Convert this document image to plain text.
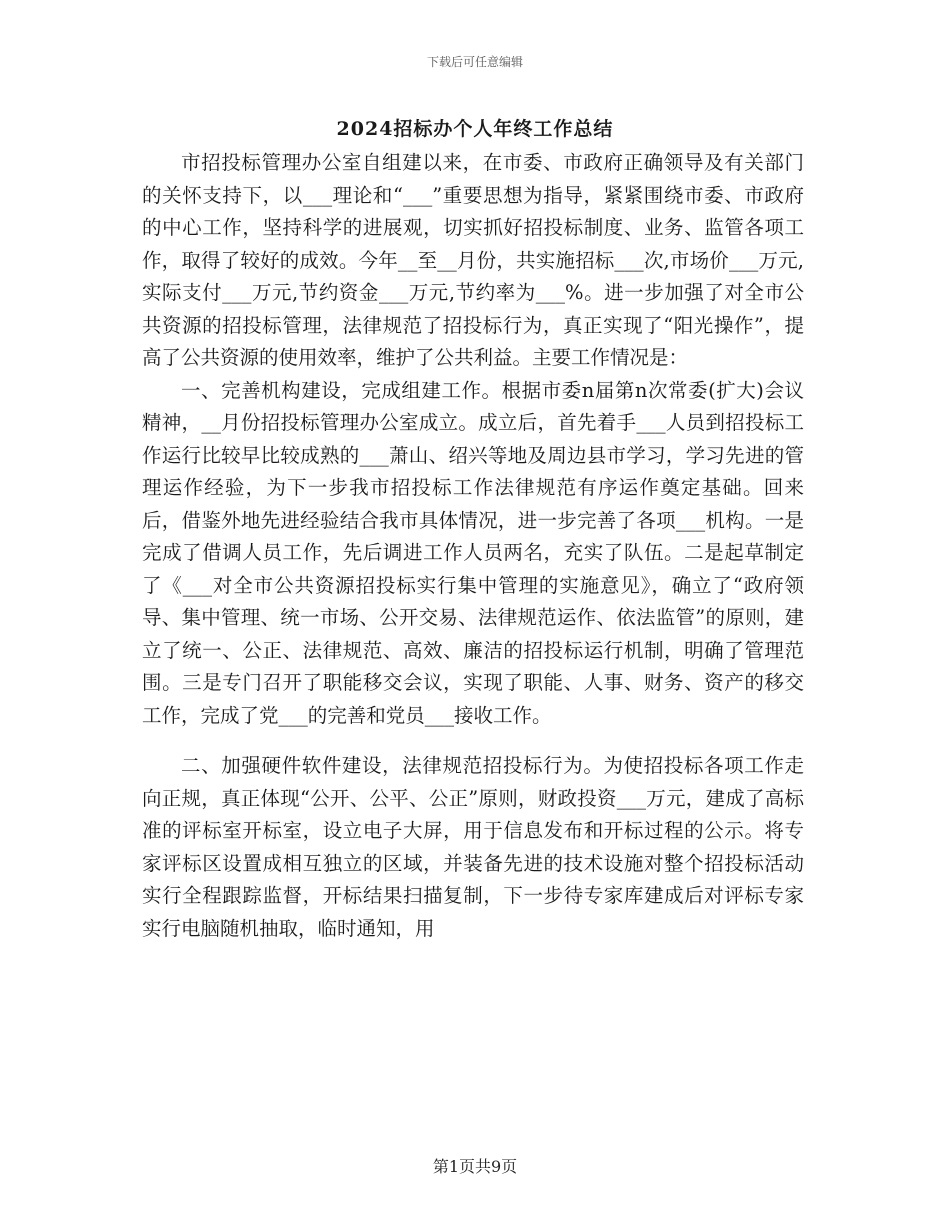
下载后可任意编辑
2024招标办个人年终工作总结

市招投标管理办公室自组建以来，在市委、市政府正确领导及有关部门的关怀支持下，以___理论和“___”重要思想为指导，紧紧围绕市委、市政府的中心工作，坚持科学的进展观，切实抓好招投标制度、业务、监管各项工作，取得了较好的成效。今年__至__月份，共实施招标___次,市场价___万元,实际支付___万元,节约资金___万元,节约率为___%。进一步加强了对全市公共资源的招投标管理，法律规范了招投标行为，真正实现了“阳光操作”，提高了公共资源的使用效率，维护了公共利益。主要工作情况是：

一、完善机构建设，完成组建工作。根据市委n届第n次常委(扩大)会议精神，__月份招投标管理办公室成立。成立后，首先着手___人员到招投标工作运行比较早比较成熟的___萧山、绍兴等地及周边县市学习，学习先进的管理运作经验，为下一步我市招投标工作法律规范有序运作奠定基础。回来后，借鉴外地先进经验结合我市具体情况，进一步完善了各项___机构。一是完成了借调人员工作，先后调进工作人员两名，充实了队伍。二是起草制定了《___对全市公共资源招投标实行集中管理的实施意见》，确立了“政府领导、集中管理、统一市场、公开交易、法律规范运作、依法监管”的原则，建立了统一、公正、法律规范、高效、廉洁的招投标运行机制，明确了管理范围。三是专门召开了职能移交会议，实现了职能、人事、财务、资产的移交工作，完成了党___的完善和党员___接收工作。

二、加强硬件软件建设，法律规范招投标行为。为使招投标各项工作走向正规，真正体现“公开、公平、公正”原则，财政投资___万元，建成了高标准的评标室开标室，设立电子大屏，用于信息发布和开标过程的公示。将专家评标区设置成相互独立的区域，并装备先进的技术设施对整个招投标活动实行全程跟踪监督，开标结果扫描复制，下一步待专家库建成后对评标专家实行电脑随机抽取，临时通知，用

第1页共9页
